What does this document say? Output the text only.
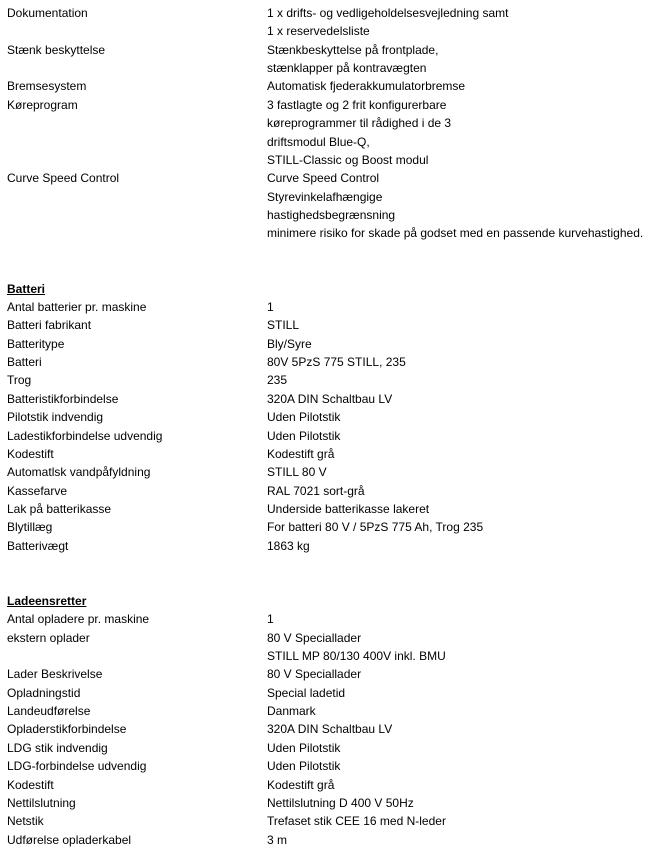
Dokumentation	1 x drifts- og vedligeholdelsesvejledning samt
1 x reservedelsliste
Stænk beskyttelse	Stænkbeskyttelse på frontplade,
stænklapper på kontravægten
Bremsesystem	Automatisk fjederakkumulatorbremse
Køreprogram	3 fastlagte og 2 frit konfigurerbare
køreprogrammer til rådighed i de 3
driftsmodul Blue-Q,
STILL-Classic og Boost modul
Curve Speed Control	Curve Speed Control
Styrevinkelafhængige
hastighedsbegrænsning
minimere risiko for skade på godset med en passende kurvehastighed.
Batteri
Antal batterier pr. maskine	1
Batteri fabrikant	STILL
Batteritype	Bly/Syre
Batteri	80V 5PzS 775 STILL, 235
Trog	235
Batteristikforbindelse	320A DIN Schaltbau LV
Pilotstik indvendig	Uden Pilotstik
Ladestikforbindelse udvendig	Uden Pilotstik
Kodestift	Kodestift grå
Automatlsk vandpåfyldning	STILL 80 V
Kassefarve	RAL 7021 sort-grå
Lak på batterikasse	Underside batterikasse lakeret
Blytillæg	For batteri 80 V / 5PzS 775 Ah, Trog 235
Batterivægt	1863 kg
Ladeensretter
Antal opladere pr. maskine	1
ekstern oplader	80 V Speciallader
STILL MP 80/130 400V inkl. BMU
Lader Beskrivelse	80 V Speciallader
Opladningstid	Special ladetid
Landeudførelse	Danmark
Opladerstikforbindelse	320A DIN Schaltbau LV
LDG stik indvendig	Uden Pilotstik
LDG-forbindelse udvendig	Uden Pilotstik
Kodestift	Kodestift grå
Nettilslutning	Nettilslutning D 400 V 50Hz
Netstik	Trefaset stik CEE 16 med N-leder
Udførelse opladerkabel	3 m
